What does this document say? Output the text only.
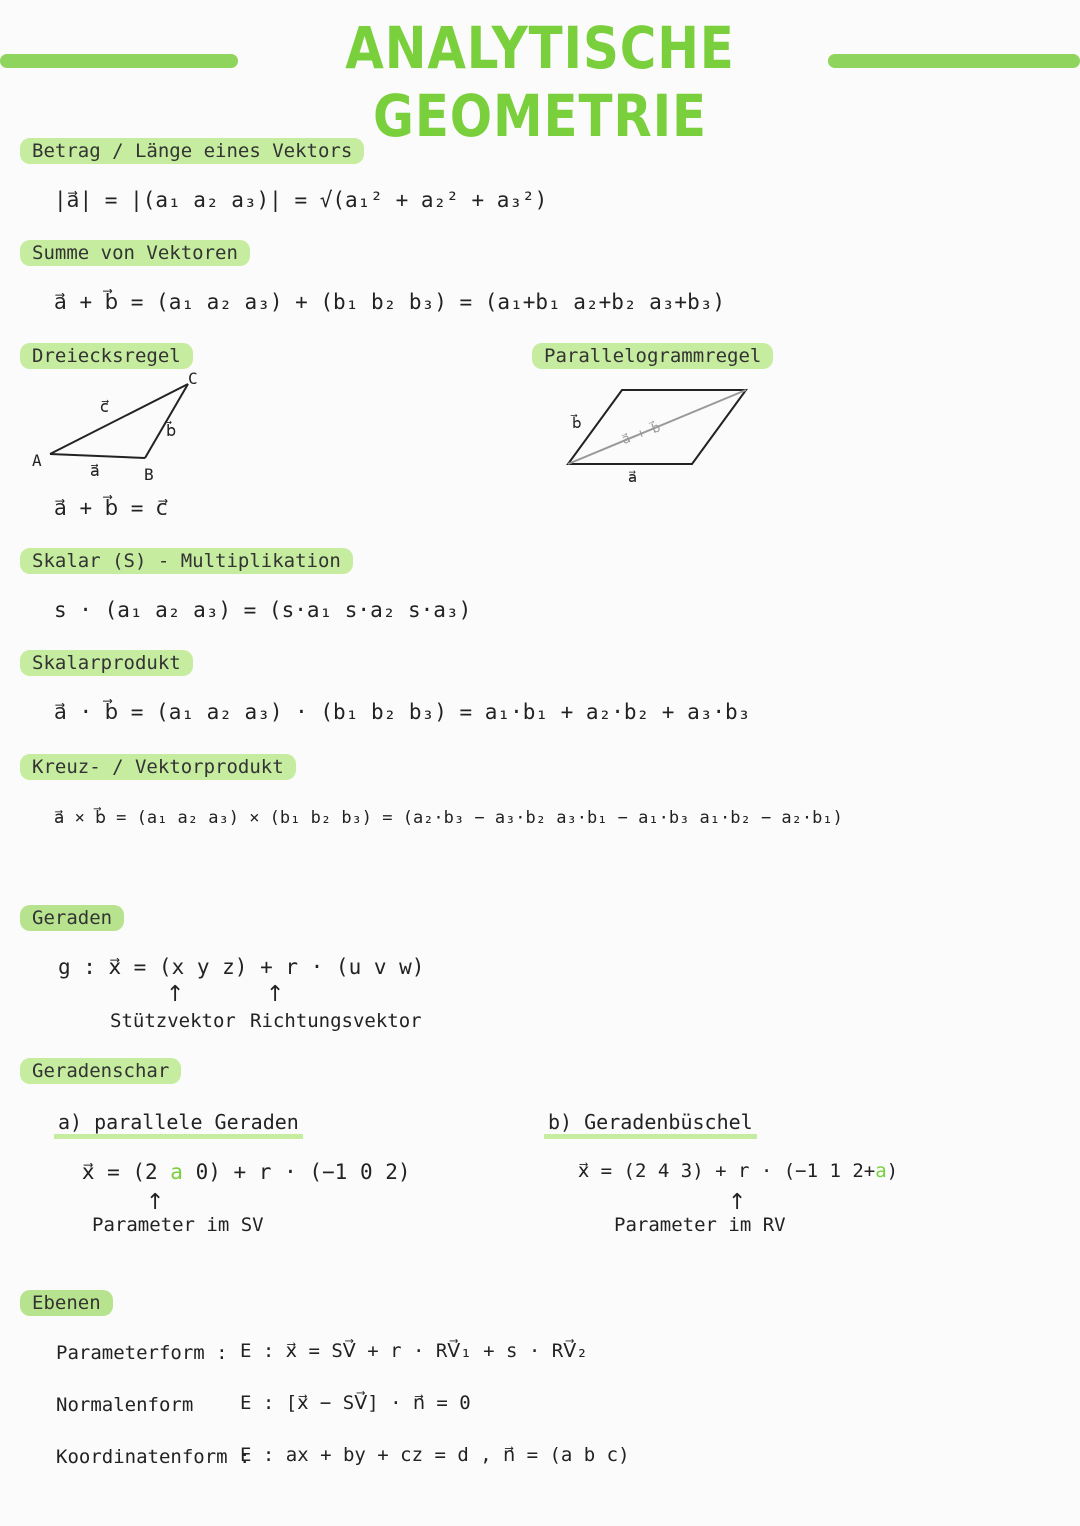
ANALYTISCHE GEOMETRIE
Betrag / Länge eines Vektors
|a⃗| = |(a₁ a₂ a₃)| = √(a₁² + a₂² + a₃²)
Summe von Vektoren
a⃗ + b⃗ = (a₁ a₂ a₃) + (b₁ b₂ b₃) = (a₁+b₁ a₂+b₂ a₃+b₃)
Dreiecksregel
A
B
C
a⃗
b⃗
c⃗
a⃗ + b⃗ = c⃗
Parallelogrammregel
b⃗
a⃗
a⃗ + b⃗
Skalar (S) - Multiplikation
s · (a₁ a₂ a₃) = (s·a₁ s·a₂ s·a₃)
Skalarprodukt
a⃗ · b⃗ = (a₁ a₂ a₃) · (b₁ b₂ b₃) = a₁·b₁ + a₂·b₂ + a₃·b₃
Kreuz- / Vektorprodukt
a⃗ × b⃗ = (a₁ a₂ a₃) × (b₁ b₂ b₃) = (a₂·b₃ − a₃·b₂ a₃·b₁ − a₁·b₃ a₁·b₂ − a₂·b₁)
Geraden
g : x⃗ = (x y z) + r · (u v w)
↑	↑
Stützvektor Richtungsvektor
Geradenschar
a) parallele Geraden
x⃗ = (2 a 0) + r · (−1 0 2)
↑
Parameter im SV
b) Geradenbüschel
x⃗ = (2 4 3) + r · (−1 1 2+a)
↑
Parameter im RV
Ebenen
Parameterform : E : x⃗ = SV⃗ + r · RV⃗₁ + s · RV⃗₂
Normalenform E : [x⃗ − SV⃗] · n⃗ = 0
Koordinatenform :
E : ax + by + cz = d , n⃗ = (a b c)
